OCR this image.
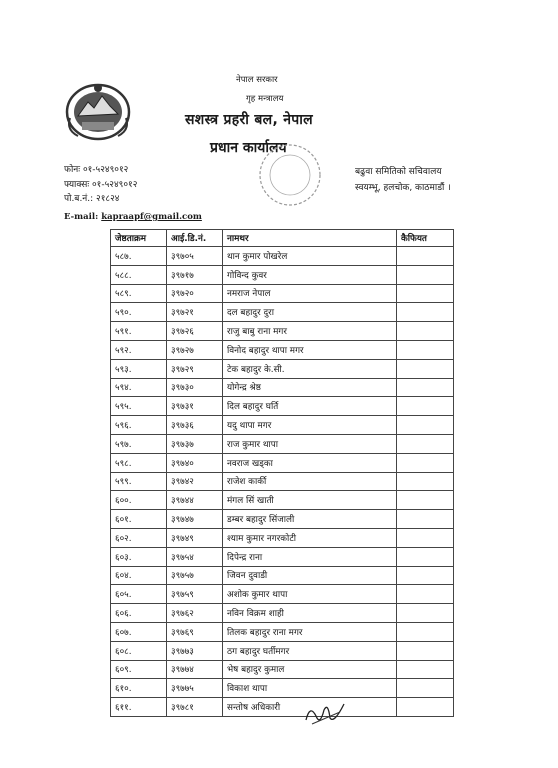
नेपाल सरकार
गृह मन्त्रालय
सशस्त्र प्रहरी बल, नेपाल
प्रधान कार्यालय
फोनः ०१-५२४९०१२
फ्याक्सः ०१-५२४९०१२
पो.ब.नं.: २१८२४
E-mail: kapraapf@gmail.com
बढुवा समितिको सचिवालय
स्वयम्भू, हलचोक, काठमाडौं ।
जेष्ठताक्रम	आई.डि.नं.	नामथर	कैफियत
५८७.	३९७०५	थान कुमार पोखरेल	
५८८.	३९७१७	गोविन्द कुवर	
५८९.	३९७२०	नमराज नेपाल	
५९०.	३९७२१	दल बहादुर दुरा	
५९१.	३९७२६	राजु बाबु राना मगर	
५९२.	३९७२७	विनोद बहादुर थापा मगर	
५९३.	३९७२९	टेक बहादुर के.सी.	
५९४.	३९७३०	योगेन्द्र श्रेष्ठ	
५९५.	३९७३१	दिल बहादुर घर्ति	
५९६.	३९७३६	यदु थापा मगर	
५९७.	३९७३७	राज कुमार थापा	
५९८.	३९७४०	नवराज खड्का	
५९९.	३९७४२	राजेश कार्की	
६००.	३९७४४	मंगल सिं खाती	
६०१.	३९७४७	डम्बर बहादुर सिंजाली	
६०२.	३९७४९	श्याम कुमार नगरकोटी	
६०३.	३९७५४	दिपेन्द्र राना	
६०४.	३९७५७	जिवन दुवाडी	
६०५.	३९७५९	अशोक कुमार थापा	
६०६.	३९७६२	नविन विक्रम शाही	
६०७.	३९७६९	तिलक बहादुर राना मगर	
६०८.	३९७७३	ठग बहादुर घर्तीमगर	
६०९.	३९७७४	भेष बहादुर कुमाल	
६१०.	३९७७५	विकाश थापा	
६११.	३९७८१	सन्तोष अधिकारी	
